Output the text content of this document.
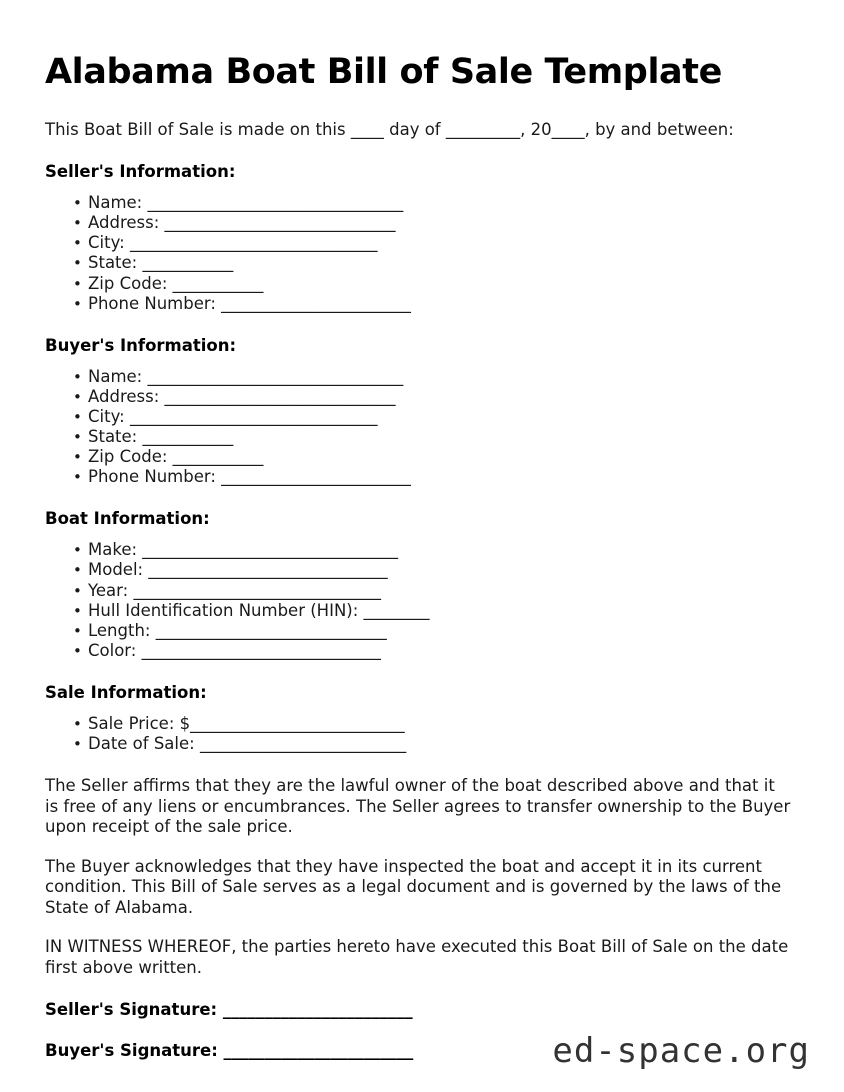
Alabama Boat Bill of Sale Template

This Boat Bill of Sale is made on this ____ day of _________, 20____, by and between:

Seller's Information:
• Name: _______________________________
• Address: ____________________________
• City: ______________________________
• State: ___________
• Zip Code: ___________
• Phone Number: _______________________
Buyer's Information:
• Name: _______________________________
• Address: ____________________________
• City: ______________________________
• State: ___________
• Zip Code: ___________
• Phone Number: _______________________
Boat Information:
• Make: _______________________________
• Model: _____________________________
• Year: ______________________________
• Hull Identification Number (HIN): ________
• Length: ____________________________
• Color: _____________________________
Sale Information:
• Sale Price: $__________________________
• Date of Sale: _________________________

The Seller affirms that they are the lawful owner of the boat described above and that it is free of any liens or encumbrances. The Seller agrees to transfer ownership to the Buyer upon receipt of the sale price.

The Buyer acknowledges that they have inspected the boat and accept it in its current condition. This Bill of Sale serves as a legal document and is governed by the laws of the State of Alabama.

IN WITNESS WHEREOF, the parties hereto have executed this Boat Bill of Sale on the date first above written.

Seller's Signature: _______________________
Buyer's Signature: _______________________	ed-space.org
